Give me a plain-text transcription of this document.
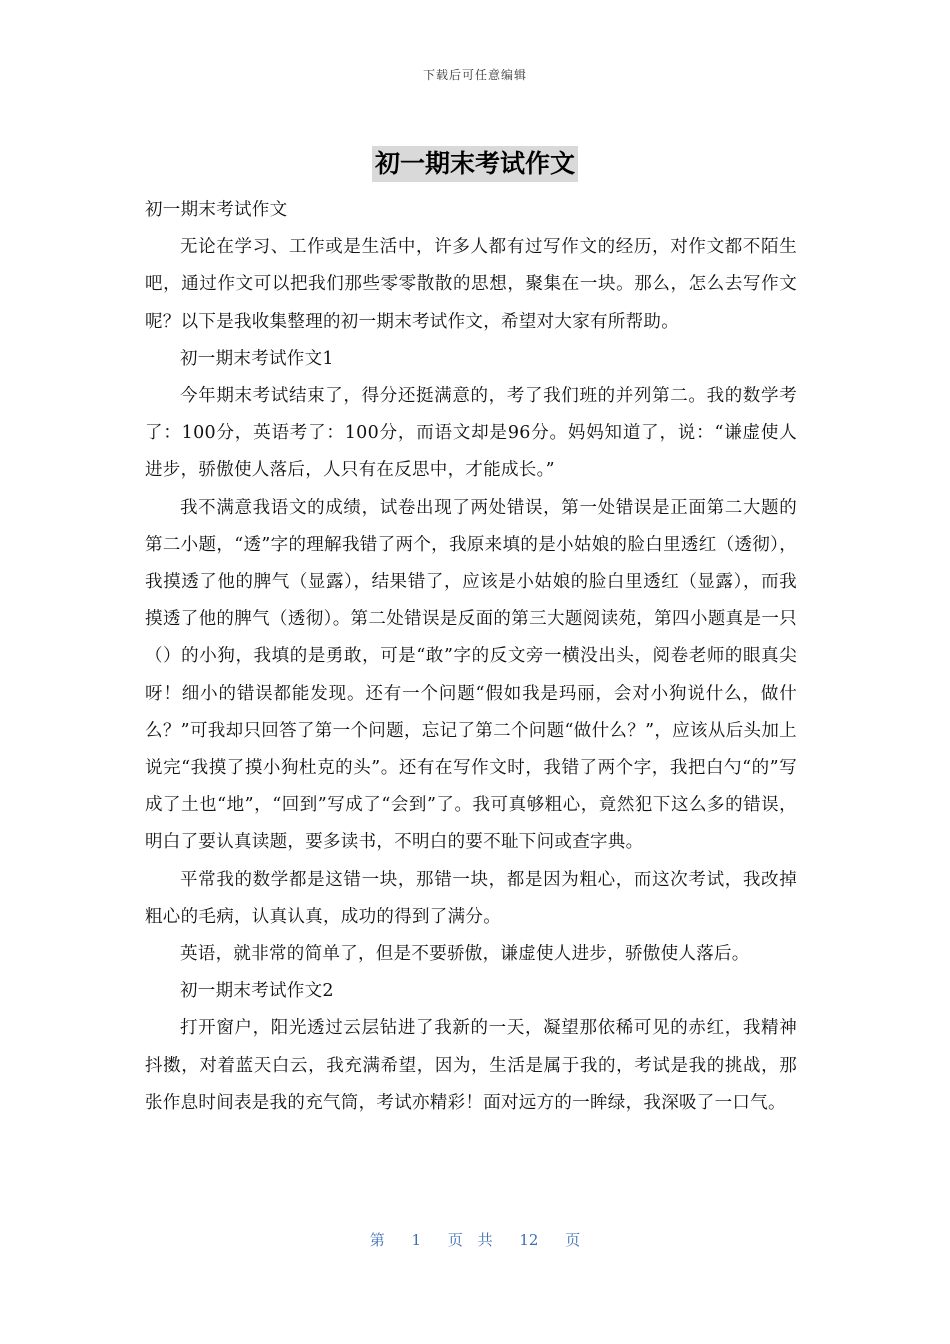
下载后可任意编辑
初一期末考试作文

初一期末考试作文

无论在学习、工作或是生活中，许多人都有过写作文的经历，对作文都不陌生吧，通过作文可以把我们那些零零散散的思想，聚集在一块。那么，怎么去写作文呢？以下是我收集整理的初一期末考试作文，希望对大家有所帮助。

初一期末考试作文1

今年期末考试结束了，得分还挺满意的，考了我们班的并列第二。我的数学考了：100分，英语考了：100分，而语文却是96分。妈妈知道了，说：“谦虚使人进步，骄傲使人落后，人只有在反思中，才能成长。”

我不满意我语文的成绩，试卷出现了两处错误，第一处错误是正面第二大题的第二小题，“透”字的理解我错了两个，我原来填的是小姑娘的脸白里透红（透彻），我摸透了他的脾气（显露），结果错了，应该是小姑娘的脸白里透红（显露），而我摸透了他的脾气（透彻）。第二处错误是反面的第三大题阅读苑，第四小题真是一只（）的小狗，我填的是勇敢，可是“敢”字的反文旁一横没出头，阅卷老师的眼真尖呀！细小的错误都能发现。还有一个问题“假如我是玛丽，会对小狗说什么，做什么？”可我却只回答了第一个问题，忘记了第二个问题“做什么？”，应该从后头加上说完“我摸了摸小狗杜克的头”。还有在写作文时，我错了两个字，我把白勺“的”写成了土也“地”，“回到”写成了“会到”了。我可真够粗心，竟然犯下这么多的错误，明白了要认真读题，要多读书，不明白的要不耻下问或查字典。

平常我的数学都是这错一块，那错一块，都是因为粗心，而这次考试，我改掉粗心的毛病，认真认真，成功的得到了满分。

英语，就非常的简单了，但是不要骄傲，谦虚使人进步，骄傲使人落后。

初一期末考试作文2

打开窗户，阳光透过云层钻进了我新的一天，凝望那依稀可见的赤红，我精神抖擞，对着蓝天白云，我充满希望，因为，生活是属于我的，考试是我的挑战，那张作息时间表是我的充气筒，考试亦精彩！面对远方的一眸绿，我深吸了一口气。

第 1 页 共 12 页
